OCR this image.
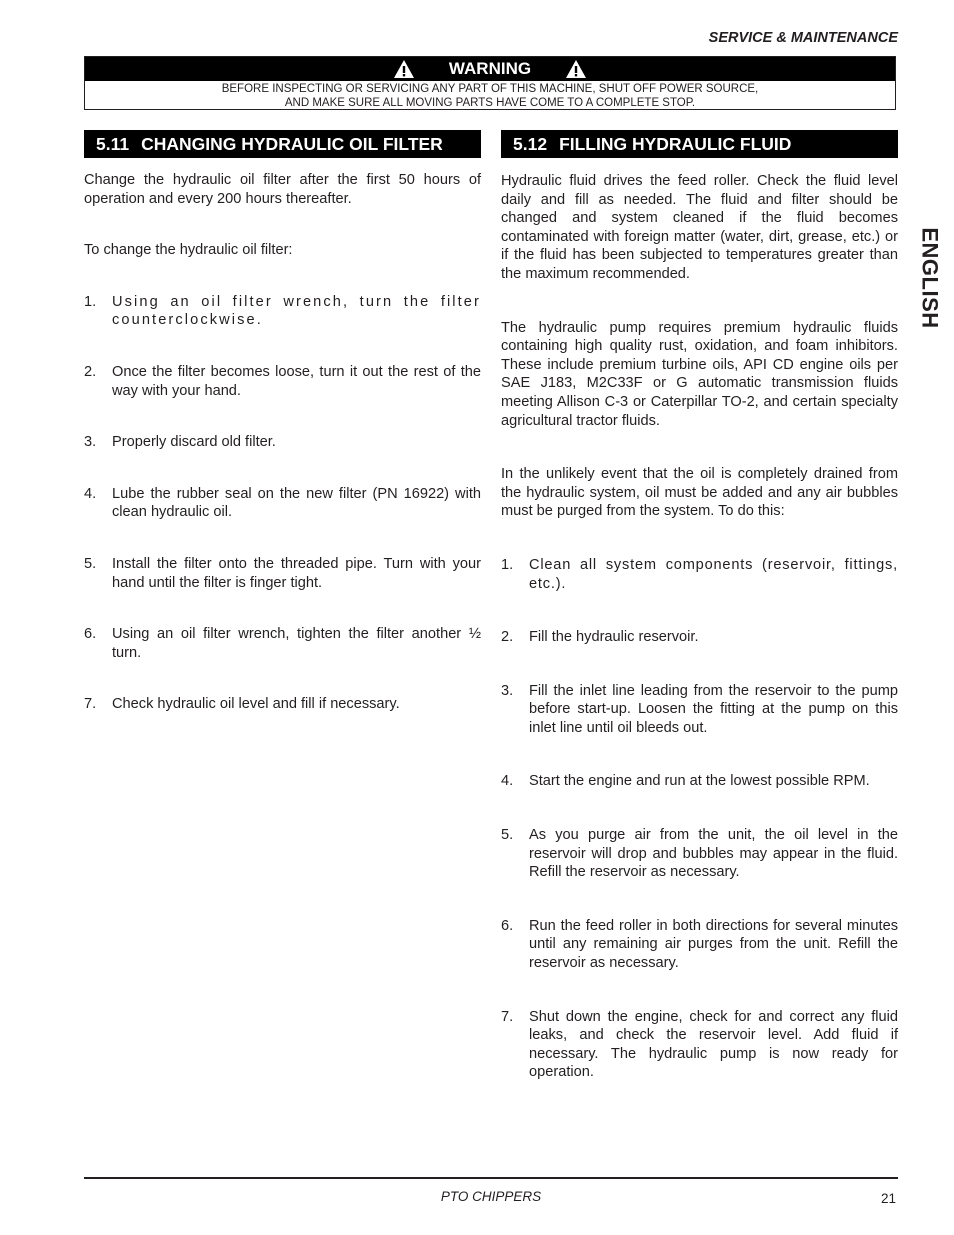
SERVICE & MAINTENANCE

WARNING
BEFORE INSPECTING OR SERVICING ANY PART OF THIS MACHINE, SHUT OFF POWER SOURCE,
AND MAKE SURE ALL MOVING PARTS HAVE COME TO A COMPLETE STOP.
5.11 CHANGING HYDRAULIC OIL FILTER

Change the hydraulic oil filter after the first 50 hours of operation and every 200 hours thereafter.

To change the hydraulic oil filter:

1.	Using an oil filter wrench, turn the filter counterclockwise.
2.	Once the filter becomes loose, turn it out the rest of the way with your hand.
3.	Properly discard old filter.
4.	Lube the rubber seal on the new filter (PN 16922) with clean hydraulic oil.
5.	Install the filter onto the threaded pipe. Turn with your hand until the filter is finger tight.
6.	Using an oil filter wrench, tighten the filter another ½ turn.
7.	Check hydraulic oil level and fill if necessary.
5.12 FILLING HYDRAULIC FLUID

Hydraulic fluid drives the feed roller. Check the fluid level daily and fill as needed. The fluid and filter should be changed and system cleaned if the fluid becomes contaminated with foreign matter (water, dirt, grease, etc.) or if the fluid has been subjected to temperatures greater than the maximum recommended.

The hydraulic pump requires premium hydraulic fluids containing high quality rust, oxidation, and foam inhibitors. These include premium turbine oils, API CD engine oils per SAE J183, M2C33F or G automatic transmission fluids meeting Allison C-3 or Caterpillar TO-2, and certain specialty agricultural tractor fluids.

In the unlikely event that the oil is completely drained from the hydraulic system, oil must be added and any air bubbles must be purged from the system. To do this:

1.	Clean all system components (reservoir, fittings, etc.).
2.	Fill the hydraulic reservoir.
3.	Fill the inlet line leading from the reservoir to the pump before start-up. Loosen the fitting at the pump on this inlet line until oil bleeds out.
4.	Start the engine and run at the lowest possible RPM.
5.	As you purge air from the unit, the oil level in the reservoir will drop and bubbles may appear in the fluid. Refill the reservoir as necessary.
6.	Run the feed roller in both directions for several minutes until any remaining air purges from the unit. Refill the reservoir as necessary.
7.	Shut down the engine, check for and correct any fluid leaks, and check the reservoir level. Add fluid if necessary. The hydraulic pump is now ready for operation.
ENGLISH

PTO CHIPPERS	21
